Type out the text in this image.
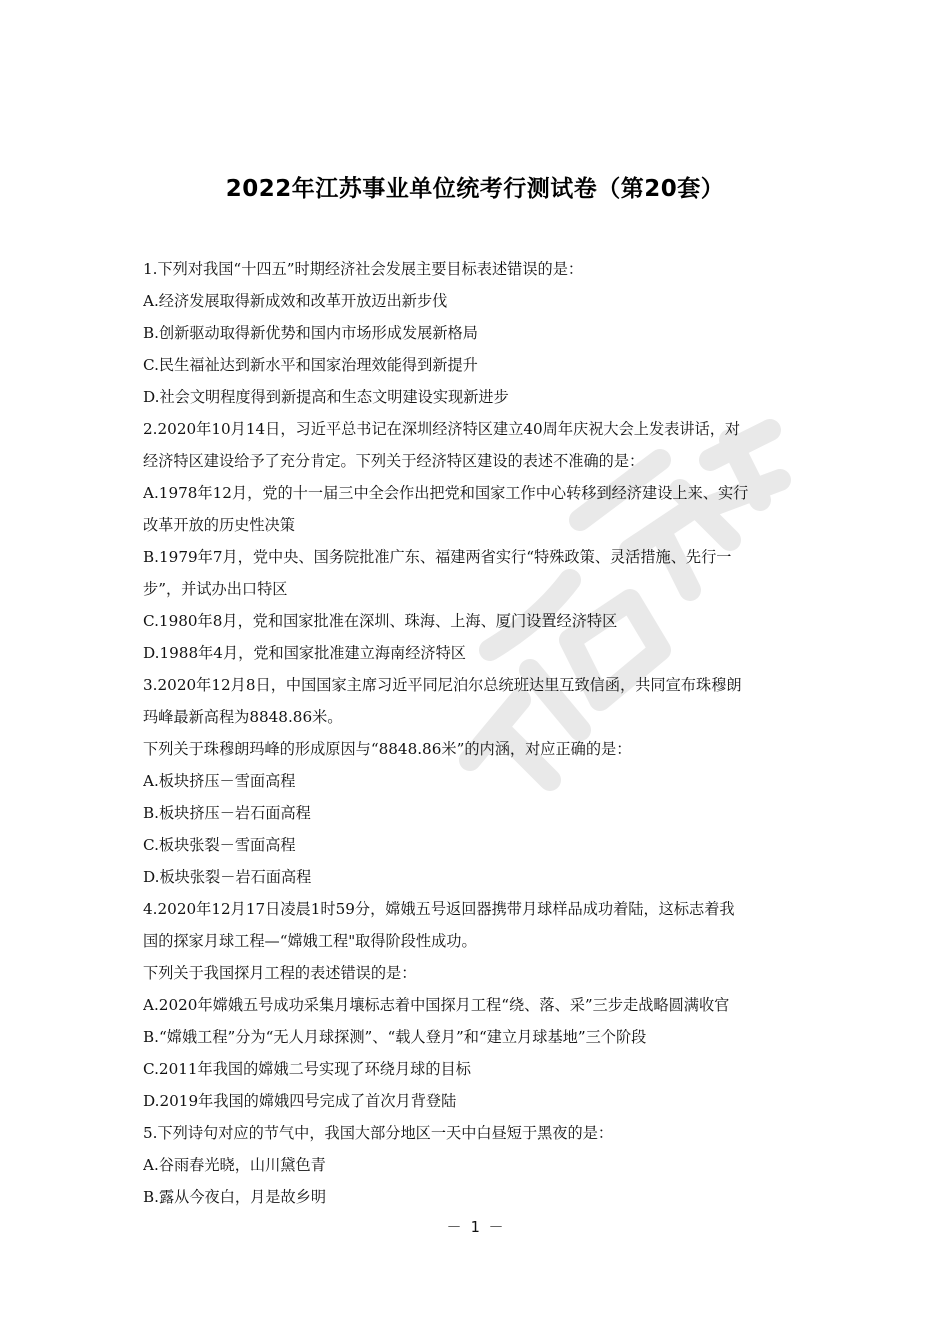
2022年江苏事业单位统考行测试卷（第20套）
1.下列对我国“十四五”时期经济社会发展主要目标表述错误的是：
A.经济发展取得新成效和改革开放迈出新步伐
B.创新驱动取得新优势和国内市场形成发展新格局
C.民生福祉达到新水平和国家治理效能得到新提升
D.社会文明程度得到新提高和生态文明建设实现新进步
2.2020年10月14日，习近平总书记在深圳经济特区建立40周年庆祝大会上发表讲话，对
经济特区建设给予了充分肯定。下列关于经济特区建设的表述不准确的是：
A.1978年12月，党的十一届三中全会作出把党和国家工作中心转移到经济建设上来、实行
改革开放的历史性决策
B.1979年7月，党中央、国务院批准广东、福建两省实行“特殊政策、灵活措施、先行一
步”，并试办出口特区
C.1980年8月，党和国家批准在深圳、珠海、上海、厦门设置经济特区
D.1988年4月，党和国家批准建立海南经济特区
3.2020年12月8日，中国国家主席习近平同尼泊尔总统班达里互致信函，共同宣布珠穆朗
玛峰最新高程为8848.86米。
下列关于珠穆朗玛峰的形成原因与“8848.86米”的内涵，对应正确的是：
A.板块挤压－雪面高程
B.板块挤压－岩石面高程
C.板块张裂－雪面高程
D.板块张裂－岩石面高程
4.2020年12月17日凌晨1时59分，嫦娥五号返回器携带月球样品成功着陆，这标志着我
国的探家月球工程—“嫦娥工程"取得阶段性成功。
下列关于我国探月工程的表述错误的是：
A.2020年嫦娥五号成功采集月壤标志着中国探月工程“绕、落、采”三步走战略圆满收官
B.“嫦娥工程”分为“无人月球探测”、“载人登月”和“建立月球基地”三个阶段
C.2011年我国的嫦娥二号实现了环绕月球的目标
D.2019年我国的嫦娥四号完成了首次月背登陆
5.下列诗句对应的节气中，我国大部分地区一天中白昼短于黑夜的是：
A.谷雨春光晓，山川黛色青
B.露从今夜白，月是故乡明
－ 1 －
